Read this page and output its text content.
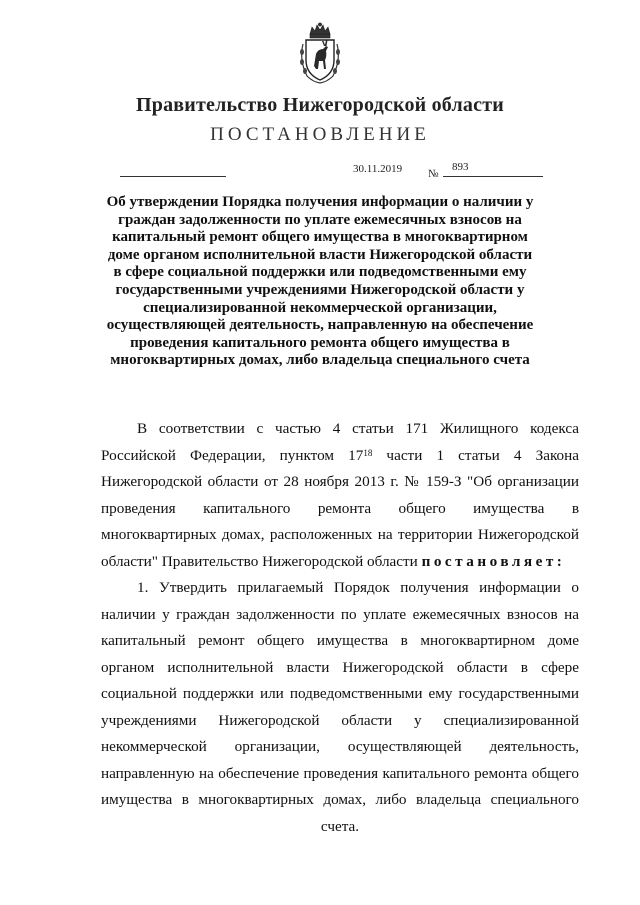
Правительство Нижегородской области
ПОСТАНОВЛЕНИЕ
30.11.2019 №
893
Об утверждении Порядка получения информации о наличии у граждан задолженности по уплате ежемесячных взносов на капитальный ремонт общего имущества в многоквартирном доме органом исполнительной власти Нижегородской области в сфере социальной поддержки или подведомственными ему государственными учреждениями Нижегородской области у специализированной некоммерческой организации, осуществляющей деятельность, направленную на обеспечение проведения капитального ремонта общего имущества в многоквартирных домах, либо владельца специального счета

В соответствии с частью 4 статьи 171 Жилищного кодекса Российской Федерации, пунктом $17^{18}$ части 1 статьи 4 Закона Нижегородской области от 28 ноября 2013 г. № 159-З "Об организации проведения капитального ремонта общего имущества в многоквартирных домах, расположенных на территории Нижегородской области" Правительство Нижегородской области постановляет:

1. Утвердить прилагаемый Порядок получения информации о наличии у граждан задолженности по уплате ежемесячных взносов на капитальный ремонт общего имущества в многоквартирном доме органом исполнительной власти Нижегородской области в сфере социальной поддержки или подведомственными ему государственными учреждениями Нижегородской области у специализированной некоммерческой организации, осуществляющей деятельность, направленную на обеспечение проведения капитального ремонта общего имущества в многоквартирных домах, либо владельца специального счета.
